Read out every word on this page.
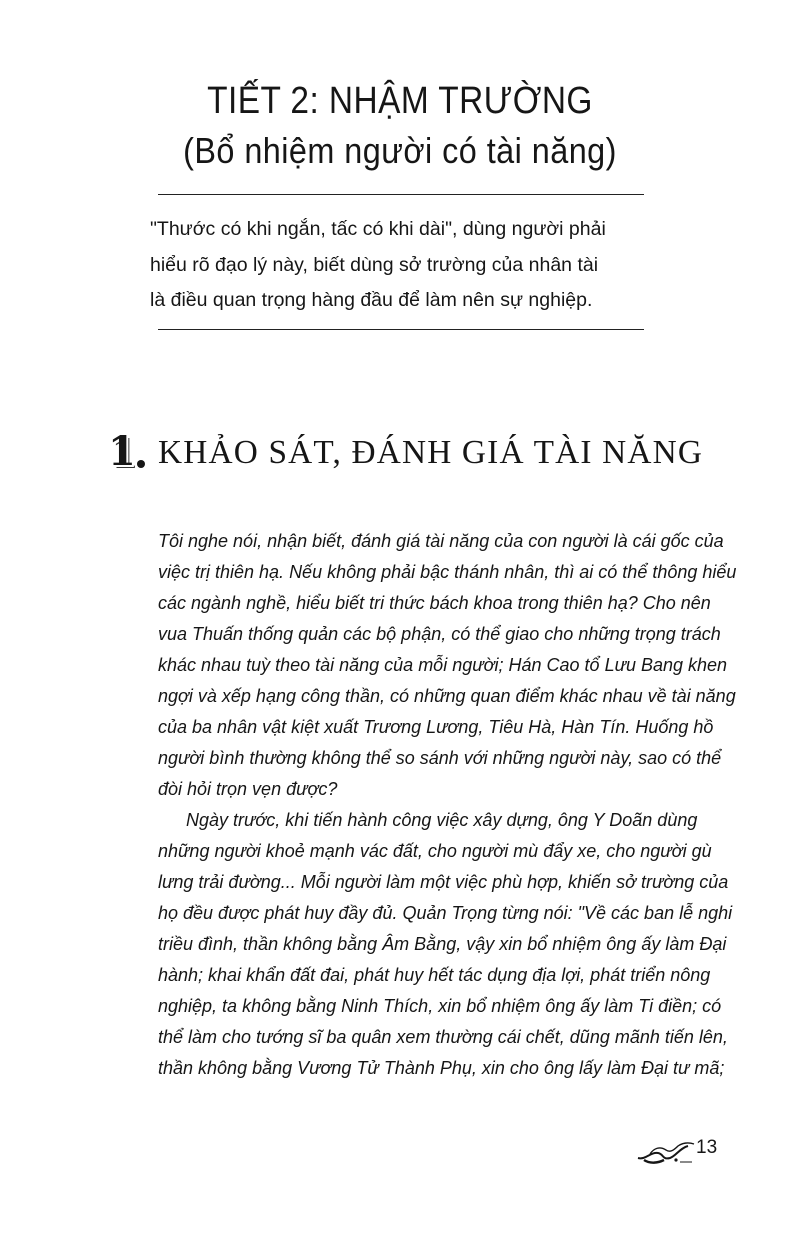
TIẾT 2: NHẬM TRƯỜNG
(Bổ nhiệm người có tài năng)
"Thước có khi ngắn, tấc có khi dài", dùng người phải
hiểu rõ đạo lý này, biết dùng sở trường của nhân tài
là điều quan trọng hàng đầu để làm nên sự nghiệp.
1 KHẢO SÁT, ĐÁNH GIÁ TÀI NĂNG
Tôi nghe nói, nhận biết, đánh giá tài năng của con người là cái gốc của
việc trị thiên hạ. Nếu không phải bậc thánh nhân, thì ai có thể thông hiểu
các ngành nghề, hiểu biết tri thức bách khoa trong thiên hạ? Cho nên
vua Thuấn thống quản các bộ phận, có thể giao cho những trọng trách
khác nhau tuỳ theo tài năng của mỗi người; Hán Cao tổ Lưu Bang khen
ngợi và xếp hạng công thần, có những quan điểm khác nhau về tài năng
của ba nhân vật kiệt xuất Trương Lương, Tiêu Hà, Hàn Tín. Huống hồ
người bình thường không thể so sánh với những người này, sao có thể
đòi hỏi trọn vẹn được?
Ngày trước, khi tiến hành công việc xây dựng, ông Y Doãn dùng
những người khoẻ mạnh vác đất, cho người mù đẩy xe, cho người gù
lưng trải đường... Mỗi người làm một việc phù hợp, khiến sở trường của
họ đều được phát huy đầy đủ. Quản Trọng từng nói: "Về các ban lễ nghi
triều đình, thần không bằng Âm Bằng, vậy xin bổ nhiệm ông ấy làm Đại
hành; khai khẩn đất đai, phát huy hết tác dụng địa lợi, phát triển nông
nghiệp, ta không bằng Ninh Thích, xin bổ nhiệm ông ấy làm Ti điền; có
thể làm cho tướng sĩ ba quân xem thường cái chết, dũng mãnh tiến lên,
thần không bằng Vương Tử Thành Phụ, xin cho ông lấy làm Đại tư mã;
13
